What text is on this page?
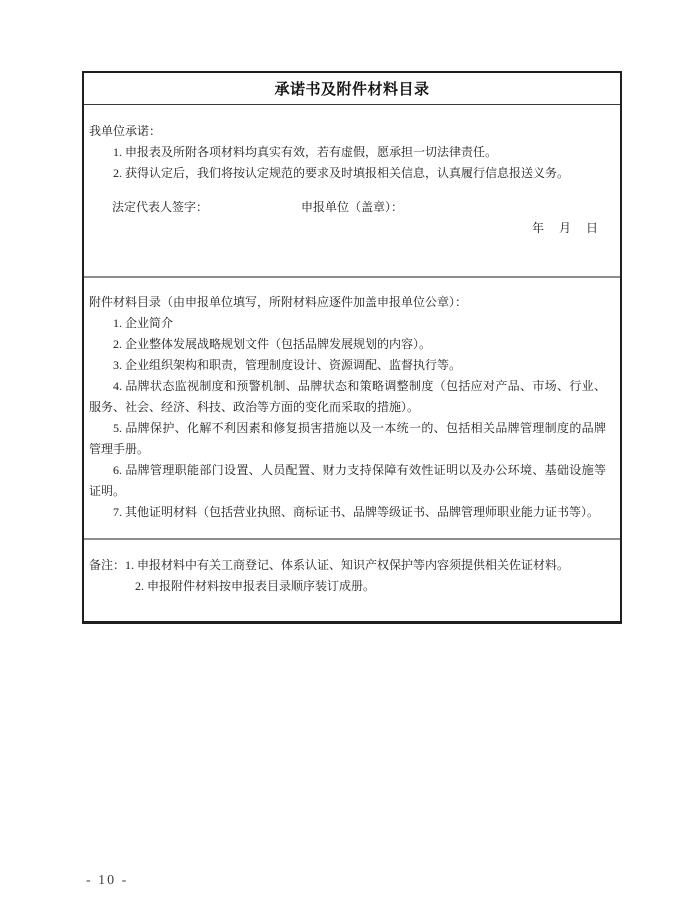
承诺书及附件材料目录
我单位承诺：
1. 申报表及所附各项材料均真实有效，若有虚假，愿承担一切法律责任。
2. 获得认定后，我们将按认定规范的要求及时填报相关信息，认真履行信息报送义务。
法定代表人签字：	申报单位（盖章）：
年　 月　 日
附件材料目录（由申报单位填写，所附材料应逐件加盖申报单位公章）：
1. 企业简介
2. 企业整体发展战略规划文件（包括品牌发展规划的内容）。
3. 企业组织架构和职责，管理制度设计、资源调配、监督执行等。
4. 品牌状态监视制度和预警机制、品牌状态和策略调整制度（包括应对产品、市场、行业、
服务、社会、经济、科技、政治等方面的变化而采取的措施）。
5. 品牌保护、化解不利因素和修复损害措施以及一本统一的、包括相关品牌管理制度的品牌
管理手册。
6. 品牌管理职能部门设置、人员配置、财力支持保障有效性证明以及办公环境、基础设施等
证明。
7. 其他证明材料（包括营业执照、商标证书、品牌等级证书、品牌管理师职业能力证书等）。
备注： 1. 申报材料中有关工商登记、体系认证、知识产权保护等内容须提供相关佐证材料。
2. 申报附件材料按申报表目录顺序装订成册。
- 10 -
